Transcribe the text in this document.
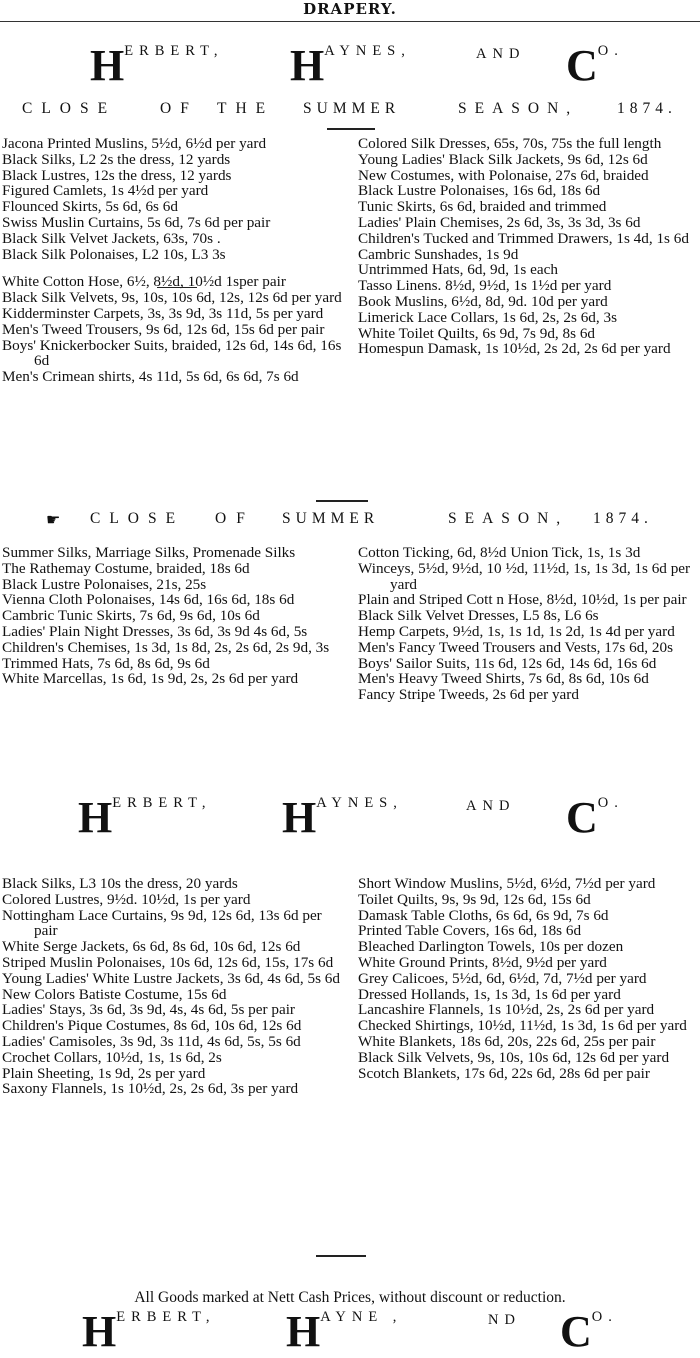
DRAPERY.
HERBERT, HAYNES,	AND CO.
CLOSE	OF THE SUMMER	SEASON,	1874.
Jacona Printed Muslins, 5½d, 6½d per yard
Black Silks, L2 2s the dress, 12 yards
Black Lustres, 12s the dress, 12 yards
Figured Camlets, 1s 4½d per yard
Flounced Skirts, 5s 6d, 6s 6d
Swiss Muslin Curtains, 5s 6d, 7s 6d per pair
Black Silk Velvet Jackets, 63s, 70s .
Black Silk Polonaises, L2 10s, L3 3s
White Cotton Hose, 6½, 8½d, 10½d 1sper pair
Black Silk Velvets, 9s, 10s, 10s 6d, 12s, 12s 6d per yard
Kidderminster Carpets, 3s, 3s 9d, 3s 11d, 5s per yard
Men's Tweed Trousers, 9s 6d, 12s 6d, 15s 6d per pair
Boys' Knickerbocker Suits, braided, 12s 6d, 14s 6d, 16s 6d
Men's Crimean shirts, 4s 11d, 5s 6d, 6s 6d, 7s 6d
Colored Silk Dresses, 65s, 70s, 75s the full length
Young Ladies' Black Silk Jackets, 9s 6d, 12s 6d
New Costumes, with Polonaise, 27s 6d, braided
Black Lustre Polonaises, 16s 6d, 18s 6d
Tunic Skirts, 6s 6d, braided and trimmed
Ladies' Plain Chemises, 2s 6d, 3s, 3s 3d, 3s 6d
Children's Tucked and Trimmed Drawers, 1s 4d, 1s 6d
Cambric Sunshades, 1s 9d
Untrimmed Hats, 6d, 9d, 1s each
Tasso Linens. 8½d, 9½d, 1s 1½d per yard
Book Muslins, 6½d, 8d, 9d. 10d per yard
Limerick Lace Collars, 1s 6d, 2s, 2s 6d, 3s
White Toilet Quilts, 6s 9d, 7s 9d, 8s 6d
Homespun Damask, 1s 10½d, 2s 2d, 2s 6d per yard
☛ CLOSE OF SUMMER	SEASON, 1874.
Summer Silks, Marriage Silks, Promenade Silks
The Rathemay Costume, braided, 18s 6d
Black Lustre Polonaises, 21s, 25s
Vienna Cloth Polonaises, 14s 6d, 16s 6d, 18s 6d
Cambric Tunic Skirts, 7s 6d, 9s 6d, 10s 6d
Ladies' Plain Night Dresses, 3s 6d, 3s 9d 4s 6d, 5s
Children's Chemises, 1s 3d, 1s 8d, 2s, 2s 6d, 2s 9d, 3s
Trimmed Hats, 7s 6d, 8s 6d, 9s 6d
White Marcellas, 1s 6d, 1s 9d, 2s, 2s 6d per yard
Cotton Ticking, 6d, 8½d Union Tick, 1s, 1s 3d
Winceys, 5½d, 9½d, 10 ½d, 11½d, 1s, 1s 3d, 1s 6d per yard
Plain and Striped Cott n Hose, 8½d, 10½d, 1s per pair
Black Silk Velvet Dresses, L5 8s, L6 6s
Hemp Carpets, 9½d, 1s, 1s 1d, 1s 2d, 1s 4d per yard
Men's Fancy Tweed Trousers and Vests, 17s 6d, 20s
Boys' Sailor Suits, 11s 6d, 12s 6d, 14s 6d, 16s 6d
Men's Heavy Tweed Shirts, 7s 6d, 8s 6d, 10s 6d
Fancy Stripe Tweeds, 2s 6d per yard
HERBERT, HAYNES,	AND CO.
Black Silks, L3 10s the dress, 20 yards
Colored Lustres, 9½d. 10½d, 1s per yard
Nottingham Lace Curtains, 9s 9d, 12s 6d, 13s 6d per pair
White Serge Jackets, 6s 6d, 8s 6d, 10s 6d, 12s 6d
Striped Muslin Polonaises, 10s 6d, 12s 6d, 15s, 17s 6d
Young Ladies' White Lustre Jackets, 3s 6d, 4s 6d, 5s 6d
New Colors Batiste Costume, 15s 6d
Ladies' Stays, 3s 6d, 3s 9d, 4s, 4s 6d, 5s per pair
Children's Pique Costumes, 8s 6d, 10s 6d, 12s 6d
Ladies' Camisoles, 3s 9d, 3s 11d, 4s 6d, 5s, 5s 6d
Crochet Collars, 10½d, 1s, 1s 6d, 2s
Plain Sheeting, 1s 9d, 2s per yard
Saxony Flannels, 1s 10½d, 2s, 2s 6d, 3s per yard
Short Window Muslins, 5½d, 6½d, 7½d per yard
Toilet Quilts, 9s, 9s 9d, 12s 6d, 15s 6d
Damask Table Cloths, 6s 6d, 6s 9d, 7s 6d
Printed Table Covers, 16s 6d, 18s 6d
Bleached Darlington Towels, 10s per dozen
White Ground Prints, 8½d, 9½d per yard
Grey Calicoes, 5½d, 6d, 6½d, 7d, 7½d per yard
Dressed Hollands, 1s, 1s 3d, 1s 6d per yard
Lancashire Flannels, 1s 10½d, 2s, 2s 6d per yard
Checked Shirtings, 10½d, 11½d, 1s 3d, 1s 6d per yard
White Blankets, 18s 6d, 20s, 22s 6d, 25s per pair
Black Silk Velvets, 9s, 10s, 10s 6d, 12s 6d per yard
Scotch Blankets, 17s 6d, 22s 6d, 28s 6d per pair
All Goods marked at Nett Cash Prices, without discount or reduction.
HERBERT, HAYNE ,	ND CO.
